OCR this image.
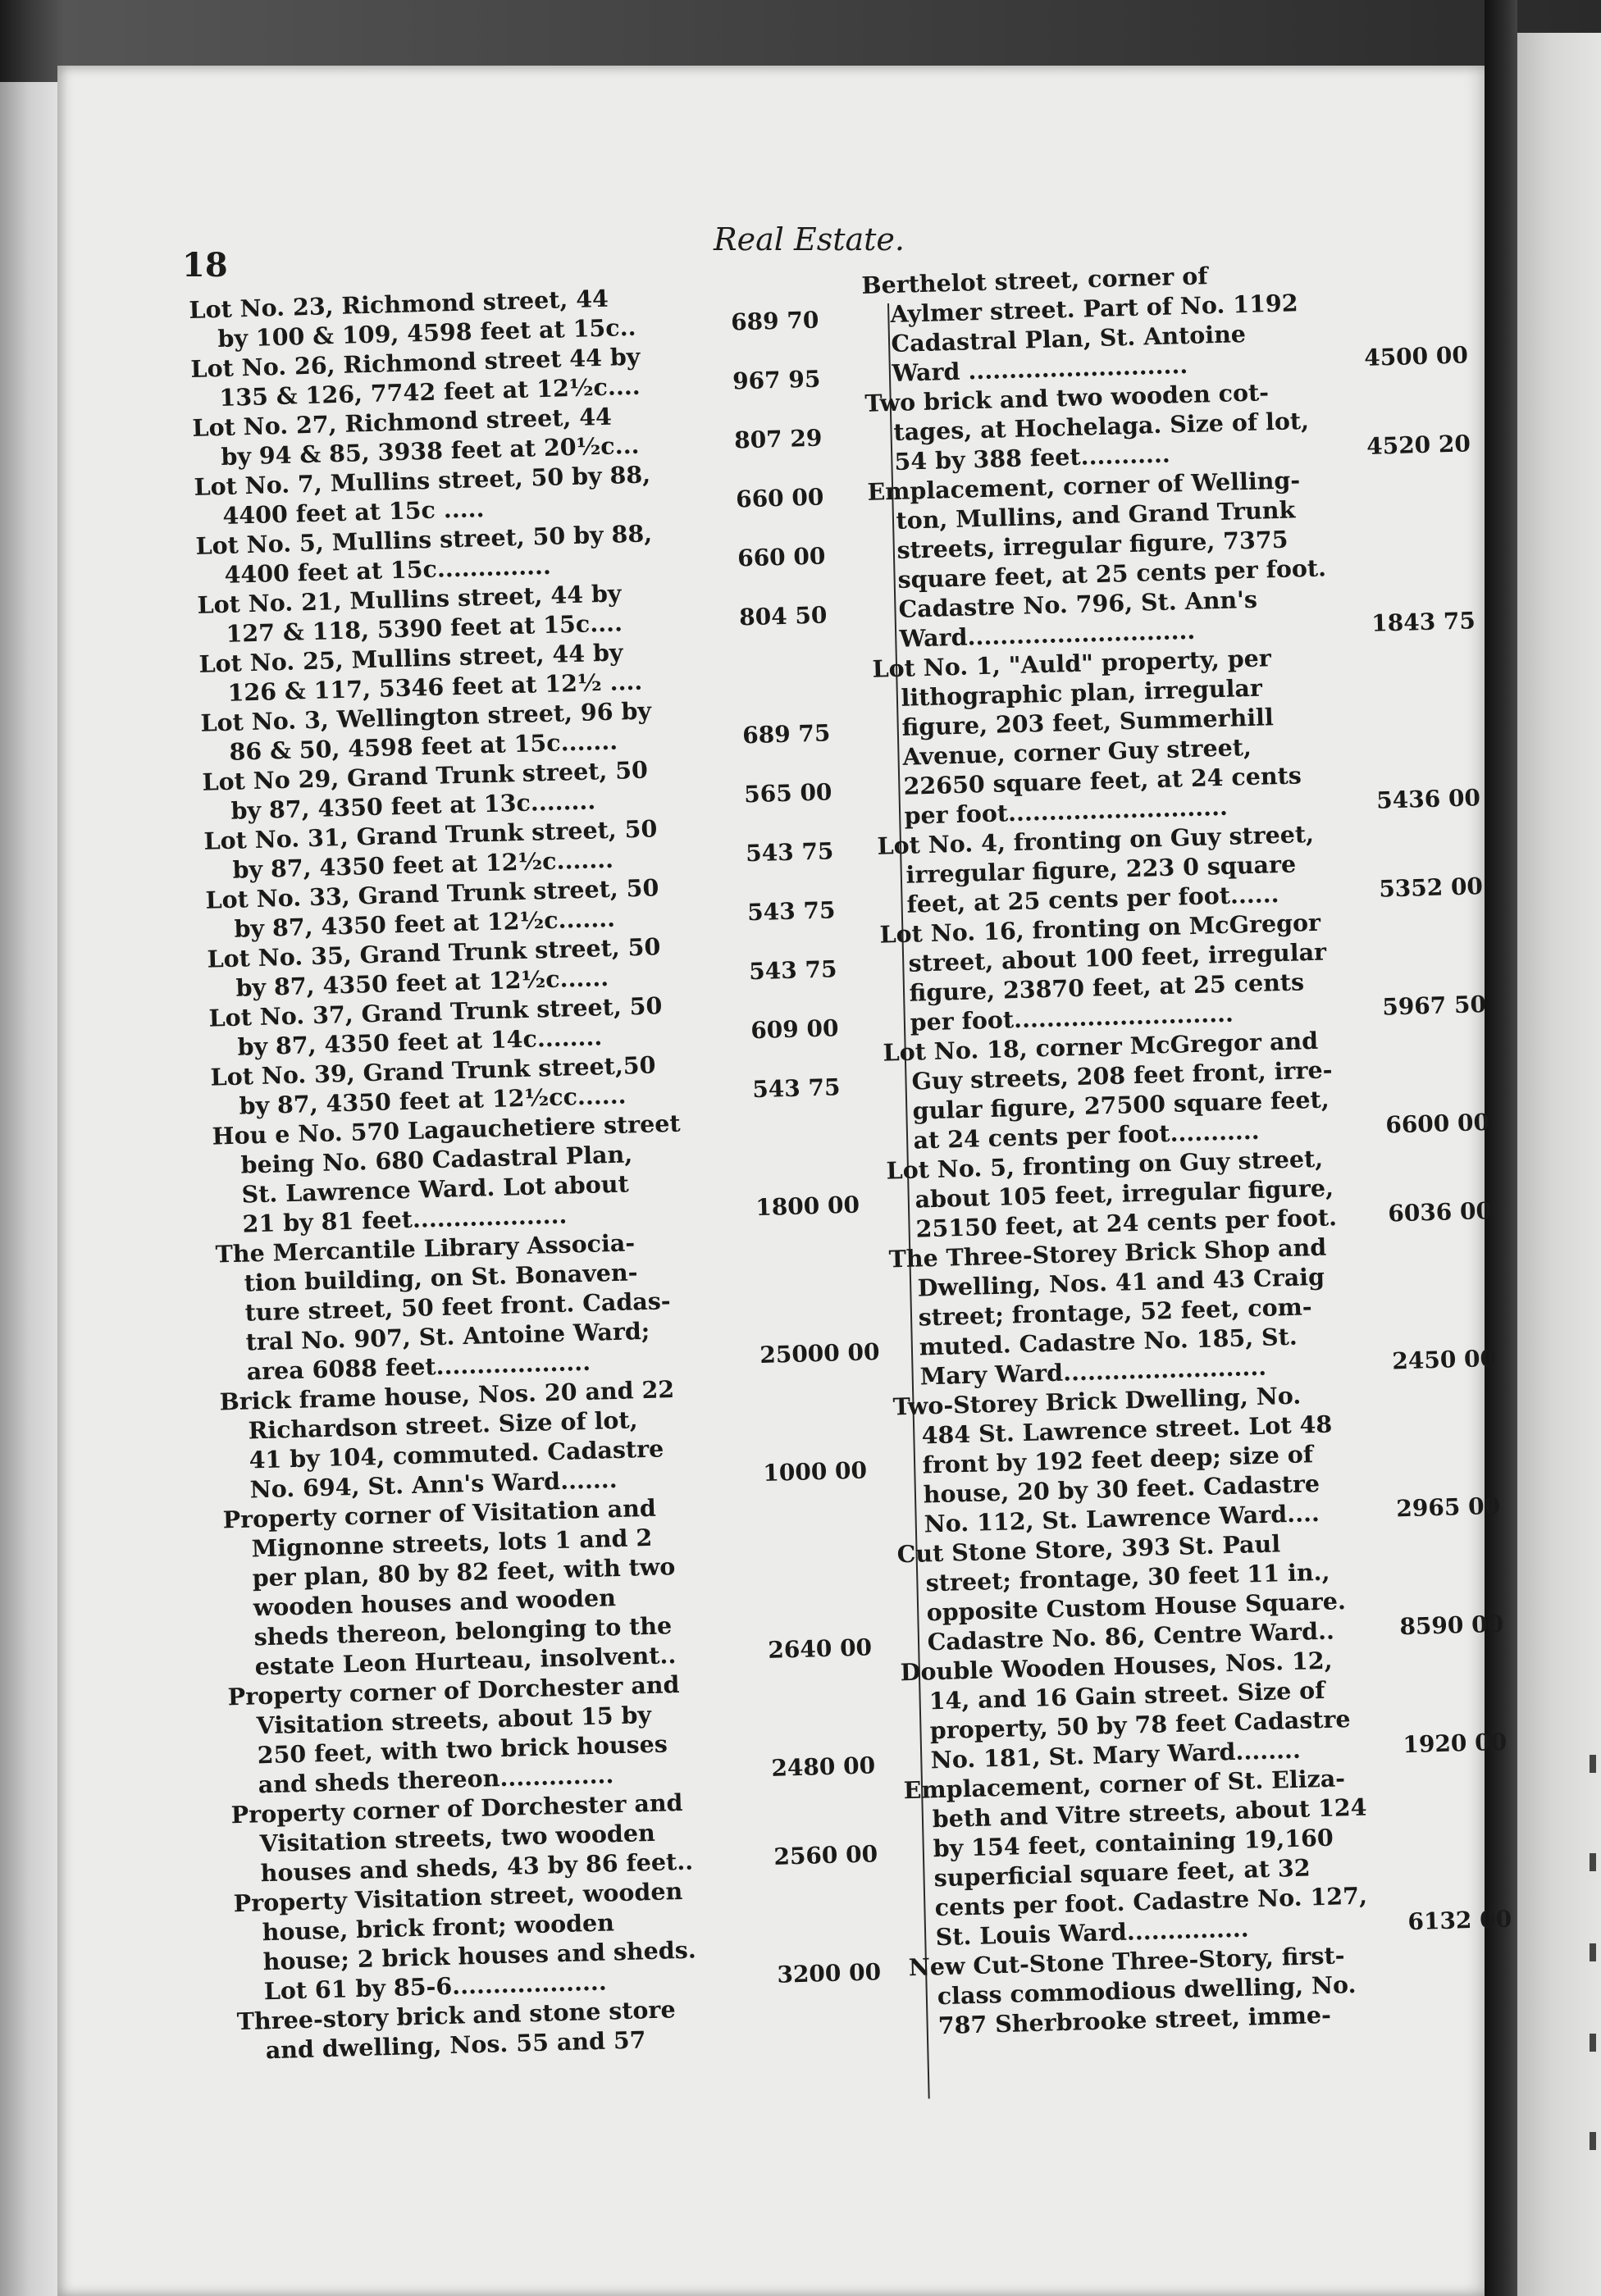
18
Real Estate.
Lot No. 23, Richmond street, 44
by 100 & 109, 4598 feet at 15c..	689 70
Lot No. 26, Richmond street 44 by
135 & 126, 7742 feet at 12½c....	967 95
Lot No. 27, Richmond street, 44
by 94 & 85, 3938 feet at 20½c...	807 29
Lot No. 7, Mullins street, 50 by 88,
4400 feet at 15c .....	660 00
Lot No. 5, Mullins street, 50 by 88,
4400 feet at 15c..............	660 00
Lot No. 21, Mullins street, 44 by
127 & 118, 5390 feet at 15c....	804 50
Lot No. 25, Mullins street, 44 by
126 & 117, 5346 feet at 12½ ....
Lot No. 3, Wellington street, 96 by
86 & 50, 4598 feet at 15c.......	689 75
Lot No 29, Grand Trunk street, 50
by 87, 4350 feet at 13c........	565 00
Lot No. 31, Grand Trunk street, 50
by 87, 4350 feet at 12½c.......	543 75
Lot No. 33, Grand Trunk street, 50
by 87, 4350 feet at 12½c.......	543 75
Lot No. 35, Grand Trunk street, 50
by 87, 4350 feet at 12½c......	543 75
Lot No. 37, Grand Trunk street, 50
by 87, 4350 feet at 14c........	609 00
Lot No. 39, Grand Trunk street,50
by 87, 4350 feet at 12½cc......	543 75
Hou e No. 570 Lagauchetiere street
being No. 680 Cadastral Plan,
St. Lawrence Ward. Lot about
21 by 81 feet...................	1800 00
The Mercantile Library Associa-
tion building, on St. Bonaven-
ture street, 50 feet front. Cadas-
tral No. 907, St. Antoine Ward;
area 6088 feet...................	25000 00
Brick frame house, Nos. 20 and 22
Richardson street. Size of lot,
41 by 104, commuted. Cadastre
No. 694, St. Ann's Ward.......	1000 00
Property corner of Visitation and
Mignonne streets, lots 1 and 2
per plan, 80 by 82 feet, with two
wooden houses and wooden
sheds thereon, belonging to the
estate Leon Hurteau, insolvent..	2640 00
Property corner of Dorchester and
Visitation streets, about 15 by
250 feet, with two brick houses
and sheds thereon..............	2480 00
Property corner of Dorchester and
Visitation streets, two wooden
houses and sheds, 43 by 86 feet..	2560 00
Property Visitation street, wooden
house, brick front; wooden
house; 2 brick houses and sheds.
Lot 61 by 85-6...................	3200 00
Three-story brick and stone store
and dwelling, Nos. 55 and 57
Berthelot street, corner of
Aylmer street. Part of No. 1192
Cadastral Plan, St. Antoine
Ward ...........................	4500 00
Two brick and two wooden cot-
tages, at Hochelaga. Size of lot,
54 by 388 feet...........	4520 20
Emplacement, corner of Welling-
ton, Mullins, and Grand Trunk
streets, irregular figure, 7375
square feet, at 25 cents per foot.
Cadastre No. 796, St. Ann's
Ward............................	1843 75
Lot No. 1, "Auld" property, per
lithographic plan, irregular
figure, 203 feet, Summerhill
Avenue, corner Guy street,
22650 square feet, at 24 cents
per foot...........................	5436 00
Lot No. 4, fronting on Guy street,
irregular figure, 223 0 square
feet, at 25 cents per foot......	5352 00
Lot No. 16, fronting on McGregor
street, about 100 feet, irregular
figure, 23870 feet, at 25 cents
per foot...........................	5967 50
Lot No. 18, corner McGregor and
Guy streets, 208 feet front, irre-
gular figure, 27500 square feet,
at 24 cents per foot...........	6600 00
Lot No. 5, fronting on Guy street,
about 105 feet, irregular figure,
25150 feet, at 24 cents per foot.	6036 00
The Three-Storey Brick Shop and
Dwelling, Nos. 41 and 43 Craig
street; frontage, 52 feet, com-
muted. Cadastre No. 185, St.
Mary Ward.........................	2450 00
Two-Storey Brick Dwelling, No.
484 St. Lawrence street. Lot 48
front by 192 feet deep; size of
house, 20 by 30 feet. Cadastre
No. 112, St. Lawrence Ward....	2965 00
Cut Stone Store, 393 St. Paul
street; frontage, 30 feet 11 in.,
opposite Custom House Square.
Cadastre No. 86, Centre Ward..	8590 00
Double Wooden Houses, Nos. 12,
14, and 16 Gain street. Size of
property, 50 by 78 feet Cadastre
No. 181, St. Mary Ward........	1920 00
Emplacement, corner of St. Eliza-
beth and Vitre streets, about 124
by 154 feet, containing 19,160
superficial square feet, at 32
cents per foot. Cadastre No. 127,
St. Louis Ward...............	6132 00
New Cut-Stone Three-Story, first-
class commodious dwelling, No.
787 Sherbrooke street, imme-
